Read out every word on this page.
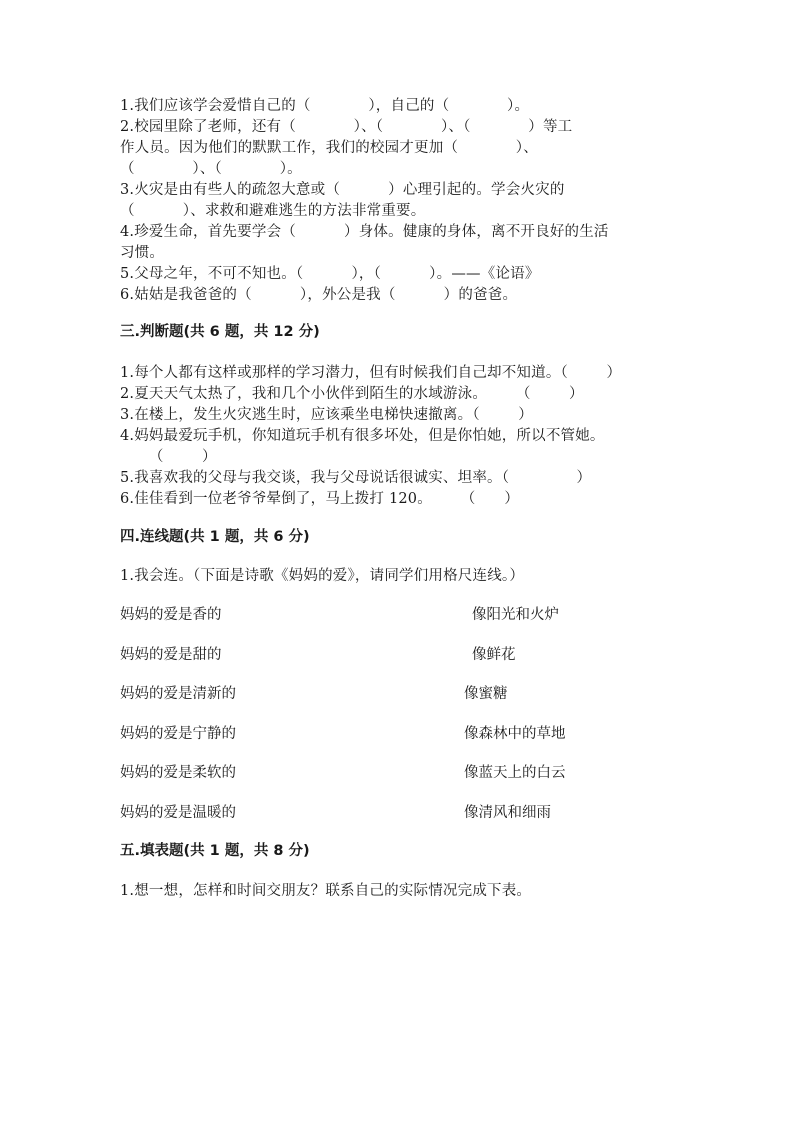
1.我们应该学会爱惜自己的（            ），自己的（            ）。
2.校园里除了老师，还有（            ）、（            ）、（            ）等工
作人员。因为他们的默默工作，我们的校园才更加（            ）、
（            ）、（            ）。
3.火灾是由有些人的疏忽大意或（          ）心理引起的。学会火灾的
（          ）、求救和避难逃生的方法非常重要。
4.珍爱生命，首先要学会（          ）身体。健康的身体，离不开良好的生活
习惯。
5.父母之年，不可不知也。（          ），（          ）。——《论语》
6.姑姑是我爸爸的（          ），外公是我（          ）的爸爸。
三.判断题(共 6 题，共 12 分)
1.每个人都有这样或那样的学习潜力，但有时候我们自己却不知道。（        ）
2.夏天天气太热了，我和几个小伙伴到陌生的水域游泳。      （        ）
3.在楼上，发生火灾逃生时，应该乘坐电梯快速撤离。（        ）
4.妈妈最爱玩手机，你知道玩手机有很多坏处，但是你怕她，所以不管她。
（        ）
5.我喜欢我的父母与我交谈，我与父母说话很诚实、坦率。（              ）
6.佳佳看到一位老爷爷晕倒了，马上拨打 120。      （      ）
四.连线题(共 1 题，共 6 分)
1.我会连。（下面是诗歌《妈妈的爱》，请同学们用格尺连线。）
妈妈的爱是香的	像阳光和火炉
妈妈的爱是甜的	像鲜花
妈妈的爱是清新的	像蜜糖
妈妈的爱是宁静的	像森林中的草地
妈妈的爱是柔软的	像蓝天上的白云
妈妈的爱是温暖的	像清风和细雨
五.填表题(共 1 题，共 8 分)
1.想一想，怎样和时间交朋友？联系自己的实际情况完成下表。
